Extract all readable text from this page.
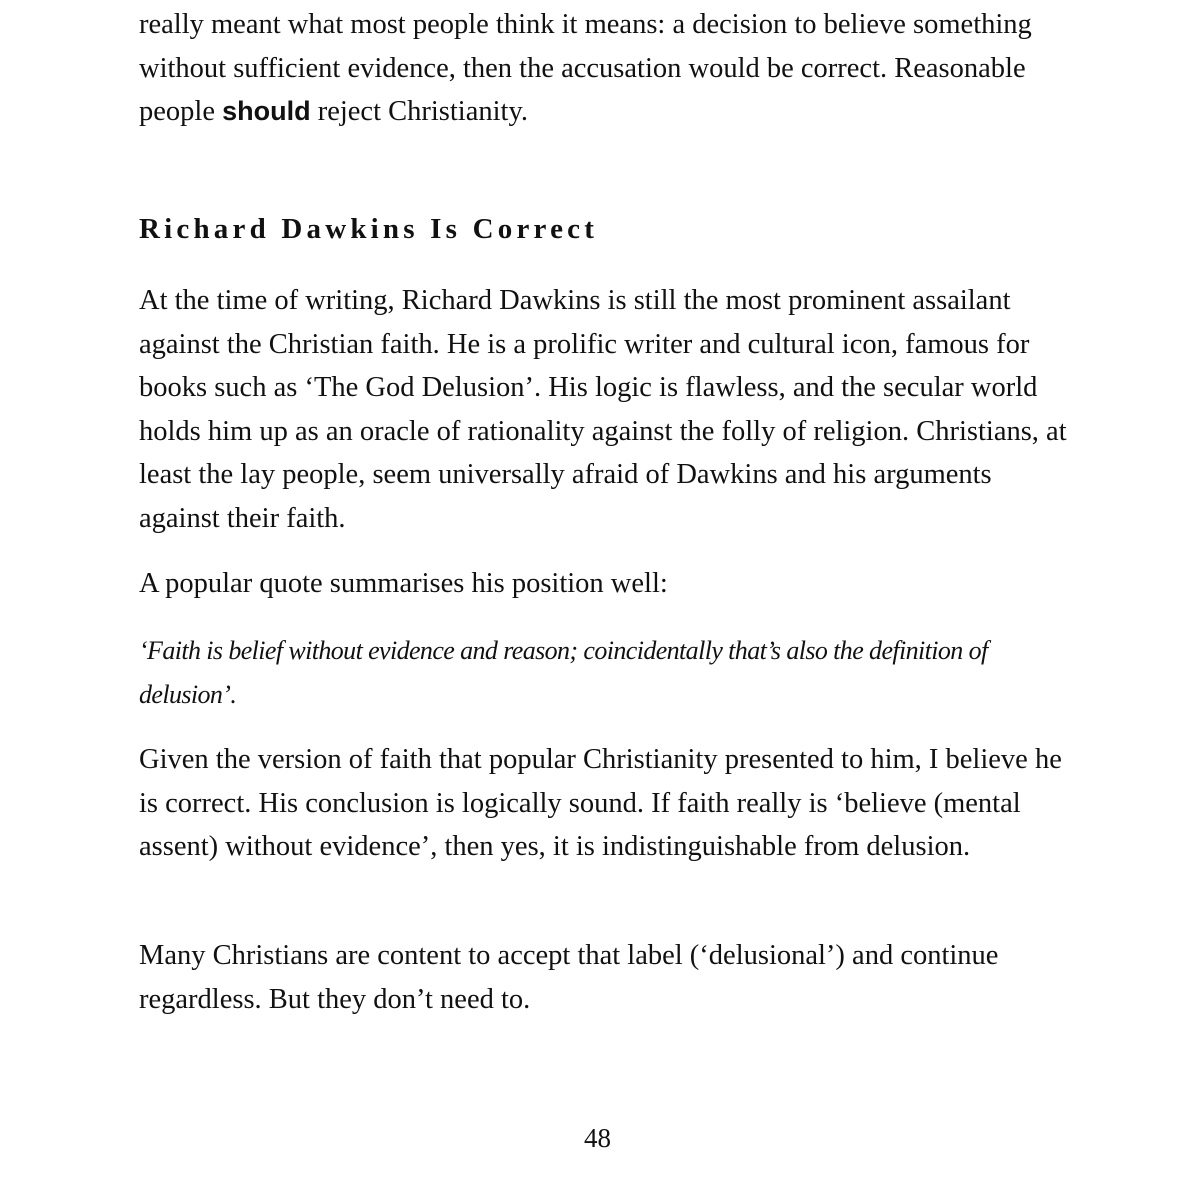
really meant what most people think it means: a decision to believe something without sufficient evidence, then the accusation would be correct. Reasonable people should reject Christianity.

Richard Dawkins Is Correct

At the time of writing, Richard Dawkins is still the most prominent assailant against the Christian faith. He is a prolific writer and cultural icon, famous for books such as ‘The God Delusion’. His logic is flawless, and the secular world holds him up as an oracle of rationality against the folly of religion. Christians, at least the lay people, seem universally afraid of Dawkins and his arguments against their faith.

A popular quote summarises his position well:

‘Faith is belief without evidence and reason; coincidentally that’s also the definition of delusion’.

Given the version of faith that popular Christianity presented to him, I believe he is correct. His conclusion is logically sound. If faith really is ‘believe (mental assent) without evidence’, then yes, it is indistinguishable from delusion.

Many Christians are content to accept that label (‘delusional’) and continue regardless. But they don’t need to.

48
